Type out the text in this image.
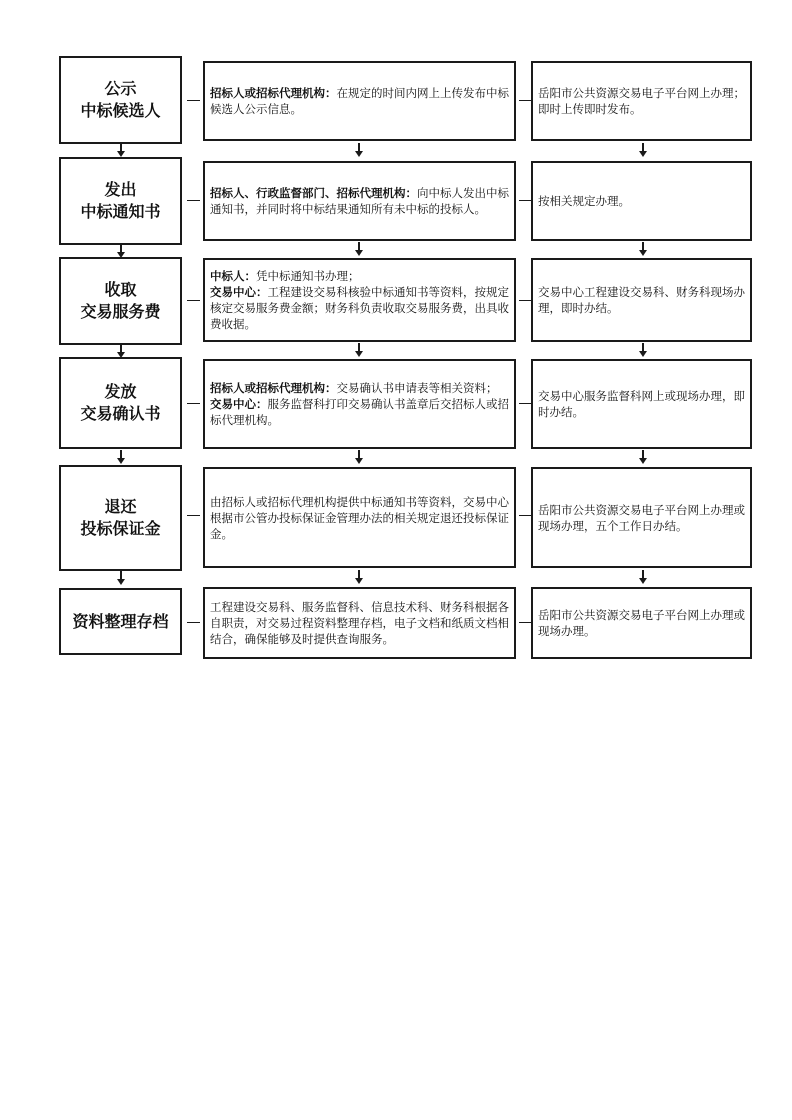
公示
中标候选人
招标人或招标代理机构：在规定的时间内网上上传发布中标候选人公示信息。
岳阳市公共资源交易电子平台网上办理；即时上传即时发布。
发出
中标通知书
招标人、行政监督部门、招标代理机构：向中标人发出中标通知书，并同时将中标结果通知所有未中标的投标人。
按相关规定办理。
收取
交易服务费
中标人：凭中标通知书办理；
交易中心：工程建设交易科核验中标通知书等资料，按规定核定交易服务费金额；财务科负责收取交易服务费，出具收费收据。
交易中心工程建设交易科、财务科现场办理，即时办结。
发放
交易确认书
招标人或招标代理机构：交易确认书申请表等相关资料；
交易中心：服务监督科打印交易确认书盖章后交招标人或招标代理机构。
交易中心服务监督科网上或现场办理，即时办结。
退还
投标保证金
由招标人或招标代理机构提供中标通知书等资料，交易中心根据市公管办投标保证金管理办法的相关规定退还投标保证金。
岳阳市公共资源交易电子平台网上办理或现场办理，五个工作日办结。
资料整理存档
工程建设交易科、服务监督科、信息技术科、财务科根据各自职责，对交易过程资料整理存档，电子文档和纸质文档相结合，确保能够及时提供查询服务。
岳阳市公共资源交易电子平台网上办理或现场办理。
